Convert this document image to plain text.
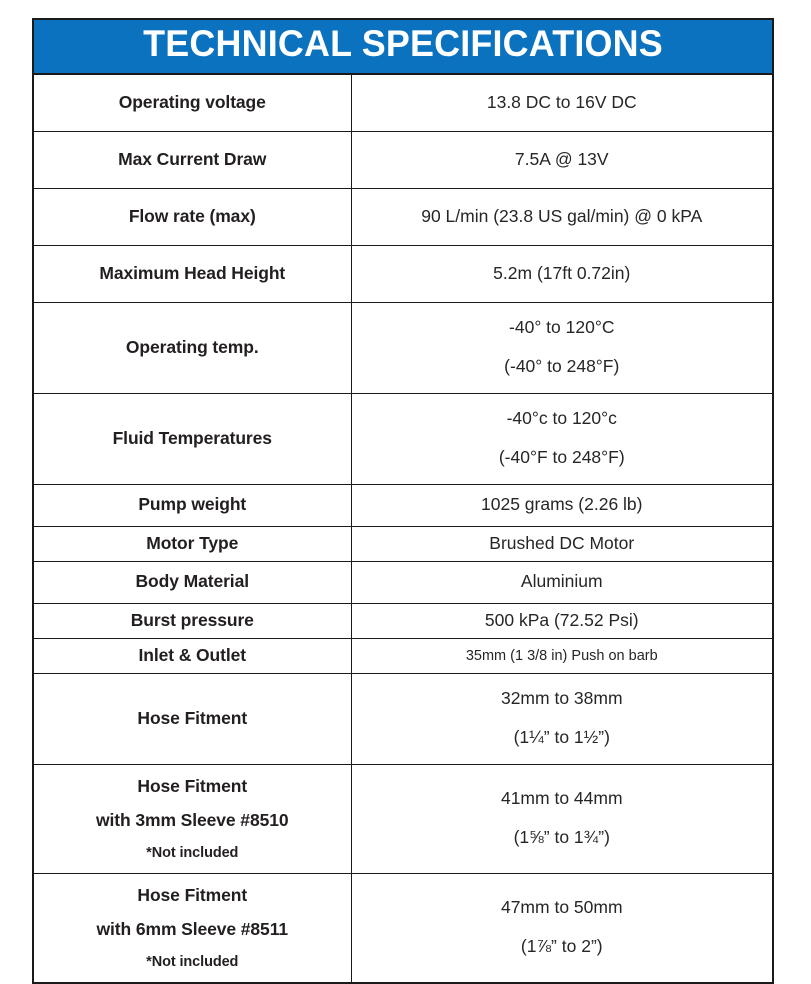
TECHNICAL SPECIFICATIONS	

Operating voltage	13.8 DC to 16V DC

Max Current Draw	7.5A @ 13V

Flow rate (max)	90 L/min (23.8 US gal/min) @ 0 kPA

Maximum Head Height	5.2m (17ft 0.72in)

Operating temp.	-40° to 120°C
(-40° to 248°F)

Fluid Temperatures	-40°c to 120°c
(-40°F to 248°F)

Pump weight	1025 grams (2.26 lb)

Motor Type	Brushed DC Motor

Body Material	Aluminium

Burst pressure	500 kPa (72.52 Psi)

Inlet & Outlet	35mm (1 3/8 in) Push on barb

Hose Fitment	32mm to 38mm
(1¼” to 1½”)

Hose Fitment
with 3mm Sleeve #8510
*Not included	41mm to 44mm
(1⅝” to 1¾”)

Hose Fitment
with 6mm Sleeve #8511
*Not included	47mm to 50mm
(1⅞” to 2”)
